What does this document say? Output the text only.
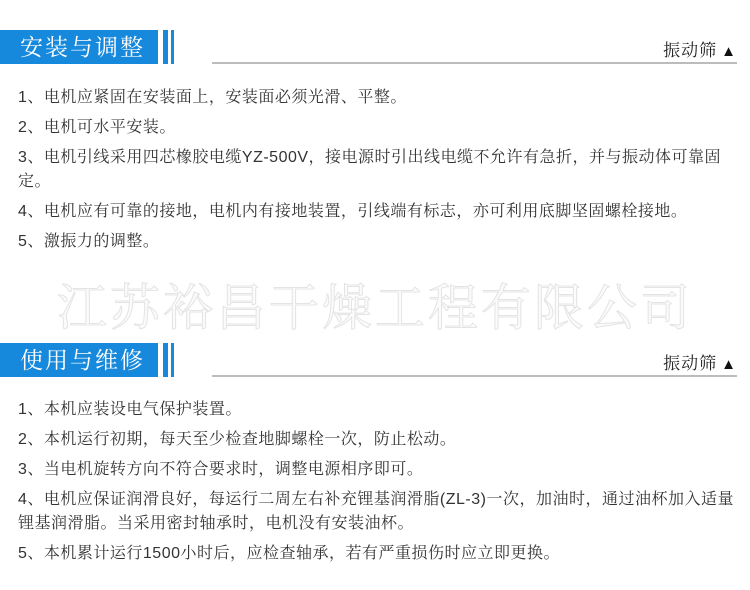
安装与调整	振动筛 ▲
1、电机应紧固在安装面上，安装面必须光滑、平整。
2、电机可水平安装。
3、电机引线采用四芯橡胶电缆YZ-500V，接电源时引出线电缆不允许有急折，并与振动体可靠固定。
4、电机应有可靠的接地，电机内有接地装置，引线端有标志，亦可利用底脚坚固螺栓接地。
5、激振力的调整。
江苏裕昌干燥工程有限公司
使用与维修	振动筛 ▲
1、本机应装设电气保护装置。
2、本机运行初期，每天至少检查地脚螺栓一次，防止松动。
3、当电机旋转方向不符合要求时，调整电源相序即可。
4、电机应保证润滑良好，每运行二周左右补充锂基润滑脂(ZL-3)一次，加油时，通过油杯加入适量锂基润滑脂。当采用密封轴承时，电机没有安装油杯。
5、本机累计运行1500小时后，应检查轴承，若有严重损伤时应立即更换。
